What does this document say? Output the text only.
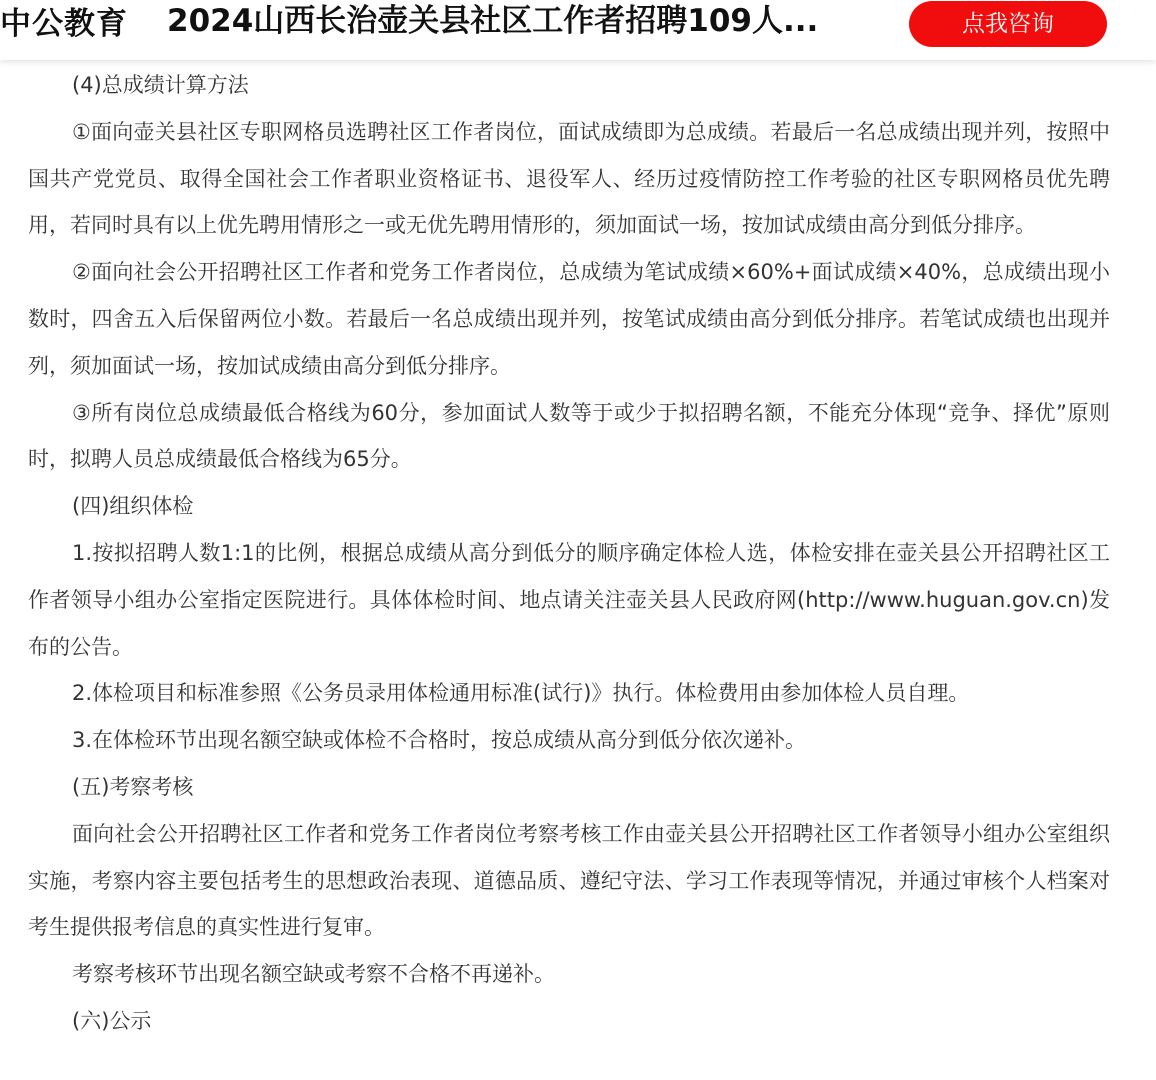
中公教育 2024山西长治壶关县社区工作者招聘109人...	点我咨询

(4)总成绩计算方法

①面向壶关县社区专职网格员选聘社区工作者岗位，面试成绩即为总成绩。若最后一名总成绩出现并列，按照中国共产党党员、取得全国社会工作者职业资格证书、退役军人、经历过疫情防控工作考验的社区专职网格员优先聘用，若同时具有以上优先聘用情形之一或无优先聘用情形的，须加面试一场，按加试成绩由高分到低分排序。

②面向社会公开招聘社区工作者和党务工作者岗位，总成绩为笔试成绩×60%+面试成绩×40%，总成绩出现小数时，四舍五入后保留两位小数。若最后一名总成绩出现并列，按笔试成绩由高分到低分排序。若笔试成绩也出现并列，须加面试一场，按加试成绩由高分到低分排序。

③所有岗位总成绩最低合格线为60分，参加面试人数等于或少于拟招聘名额，不能充分体现“竞争、择优”原则时，拟聘人员总成绩最低合格线为65分。

(四)组织体检

1.按拟招聘人数1:1的比例，根据总成绩从高分到低分的顺序确定体检人选，体检安排在壶关县公开招聘社区工作者领导小组办公室指定医院进行。具体体检时间、地点请关注壶关县人民政府网(http://www.huguan.gov.cn)发布的公告。

2.体检项目和标准参照《公务员录用体检通用标准(试行)》执行。体检费用由参加体检人员自理。

3.在体检环节出现名额空缺或体检不合格时，按总成绩从高分到低分依次递补。

(五)考察考核

面向社会公开招聘社区工作者和党务工作者岗位考察考核工作由壶关县公开招聘社区工作者领导小组办公室组织实施，考察内容主要包括考生的思想政治表现、道德品质、遵纪守法、学习工作表现等情况，并通过审核个人档案对考生提供报考信息的真实性进行复审。

考察考核环节出现名额空缺或考察不合格不再递补。

(六)公示
